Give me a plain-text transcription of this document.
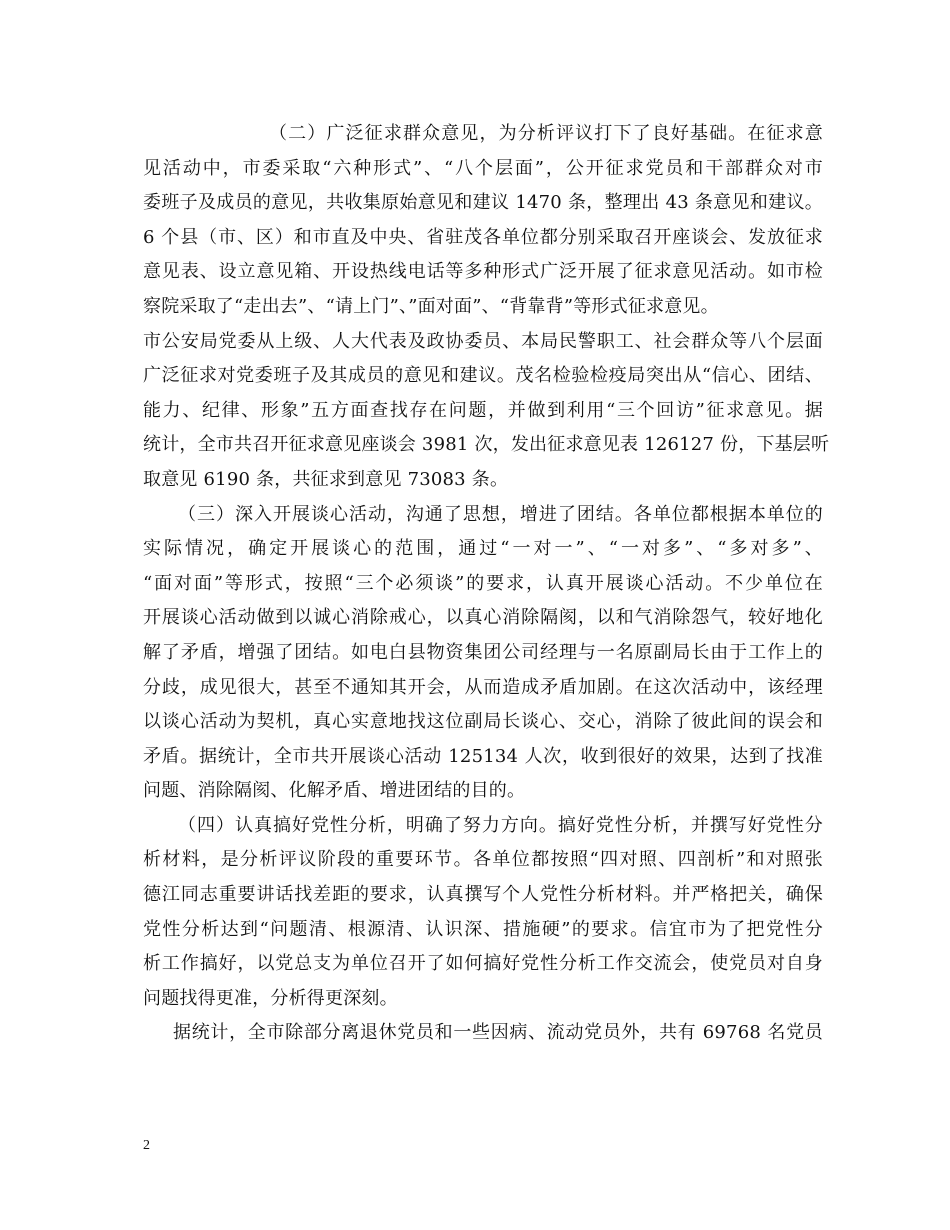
（二）广泛征求群众意见，为分析评议打下了良好基础。在征求意
见活动中，市委采取“六种形式”、“八个层面”，公开征求党员和干部群众对市
委班子及成员的意见，共收集原始意见和建议 1470 条，整理出 43 条意见和建议。
6 个县（市、区）和市直及中央、省驻茂各单位都分别采取召开座谈会、发放征求
意见表、设立意见箱、开设热线电话等多种形式广泛开展了征求意见活动。如市检
察院采取了“走出去”、“请上门”、”面对面”、“背靠背”等形式征求意见。
市公安局党委从上级、人大代表及政协委员、本局民警职工、社会群众等八个层面
广泛征求对党委班子及其成员的意见和建议。茂名检验检疫局突出从“信心、团结、
能力、纪律、形象”五方面查找存在问题，并做到利用“三个回访”征求意见。据
统计，全市共召开征求意见座谈会 3981 次，发出征求意见表 126127 份，下基层听
取意见 6190 条，共征求到意见 73083 条。
（三）深入开展谈心活动，沟通了思想，增进了团结。各单位都根据本单位的
实际情况，确定开展谈心的范围，通过“一对一”、“一对多”、“多对多”、
“面对面”等形式，按照“三个必须谈”的要求，认真开展谈心活动。不少单位在
开展谈心活动做到以诚心消除戒心，以真心消除隔阂，以和气消除怨气，较好地化
解了矛盾，增强了团结。如电白县物资集团公司经理与一名原副局长由于工作上的
分歧，成见很大，甚至不通知其开会，从而造成矛盾加剧。在这次活动中，该经理
以谈心活动为契机，真心实意地找这位副局长谈心、交心，消除了彼此间的误会和
矛盾。据统计，全市共开展谈心活动 125134 人次，收到很好的效果，达到了找准
问题、消除隔阂、化解矛盾、增进团结的目的。
（四）认真搞好党性分析，明确了努力方向。搞好党性分析，并撰写好党性分
析材料，是分析评议阶段的重要环节。各单位都按照“四对照、四剖析”和对照张
德江同志重要讲话找差距的要求，认真撰写个人党性分析材料。并严格把关，确保
党性分析达到“问题清、根源清、认识深、措施硬”的要求。信宜市为了把党性分
析工作搞好，以党总支为单位召开了如何搞好党性分析工作交流会，使党员对自身
问题找得更准，分析得更深刻。
据统计，全市除部分离退休党员和一些因病、流动党员外，共有 69768 名党员
2
